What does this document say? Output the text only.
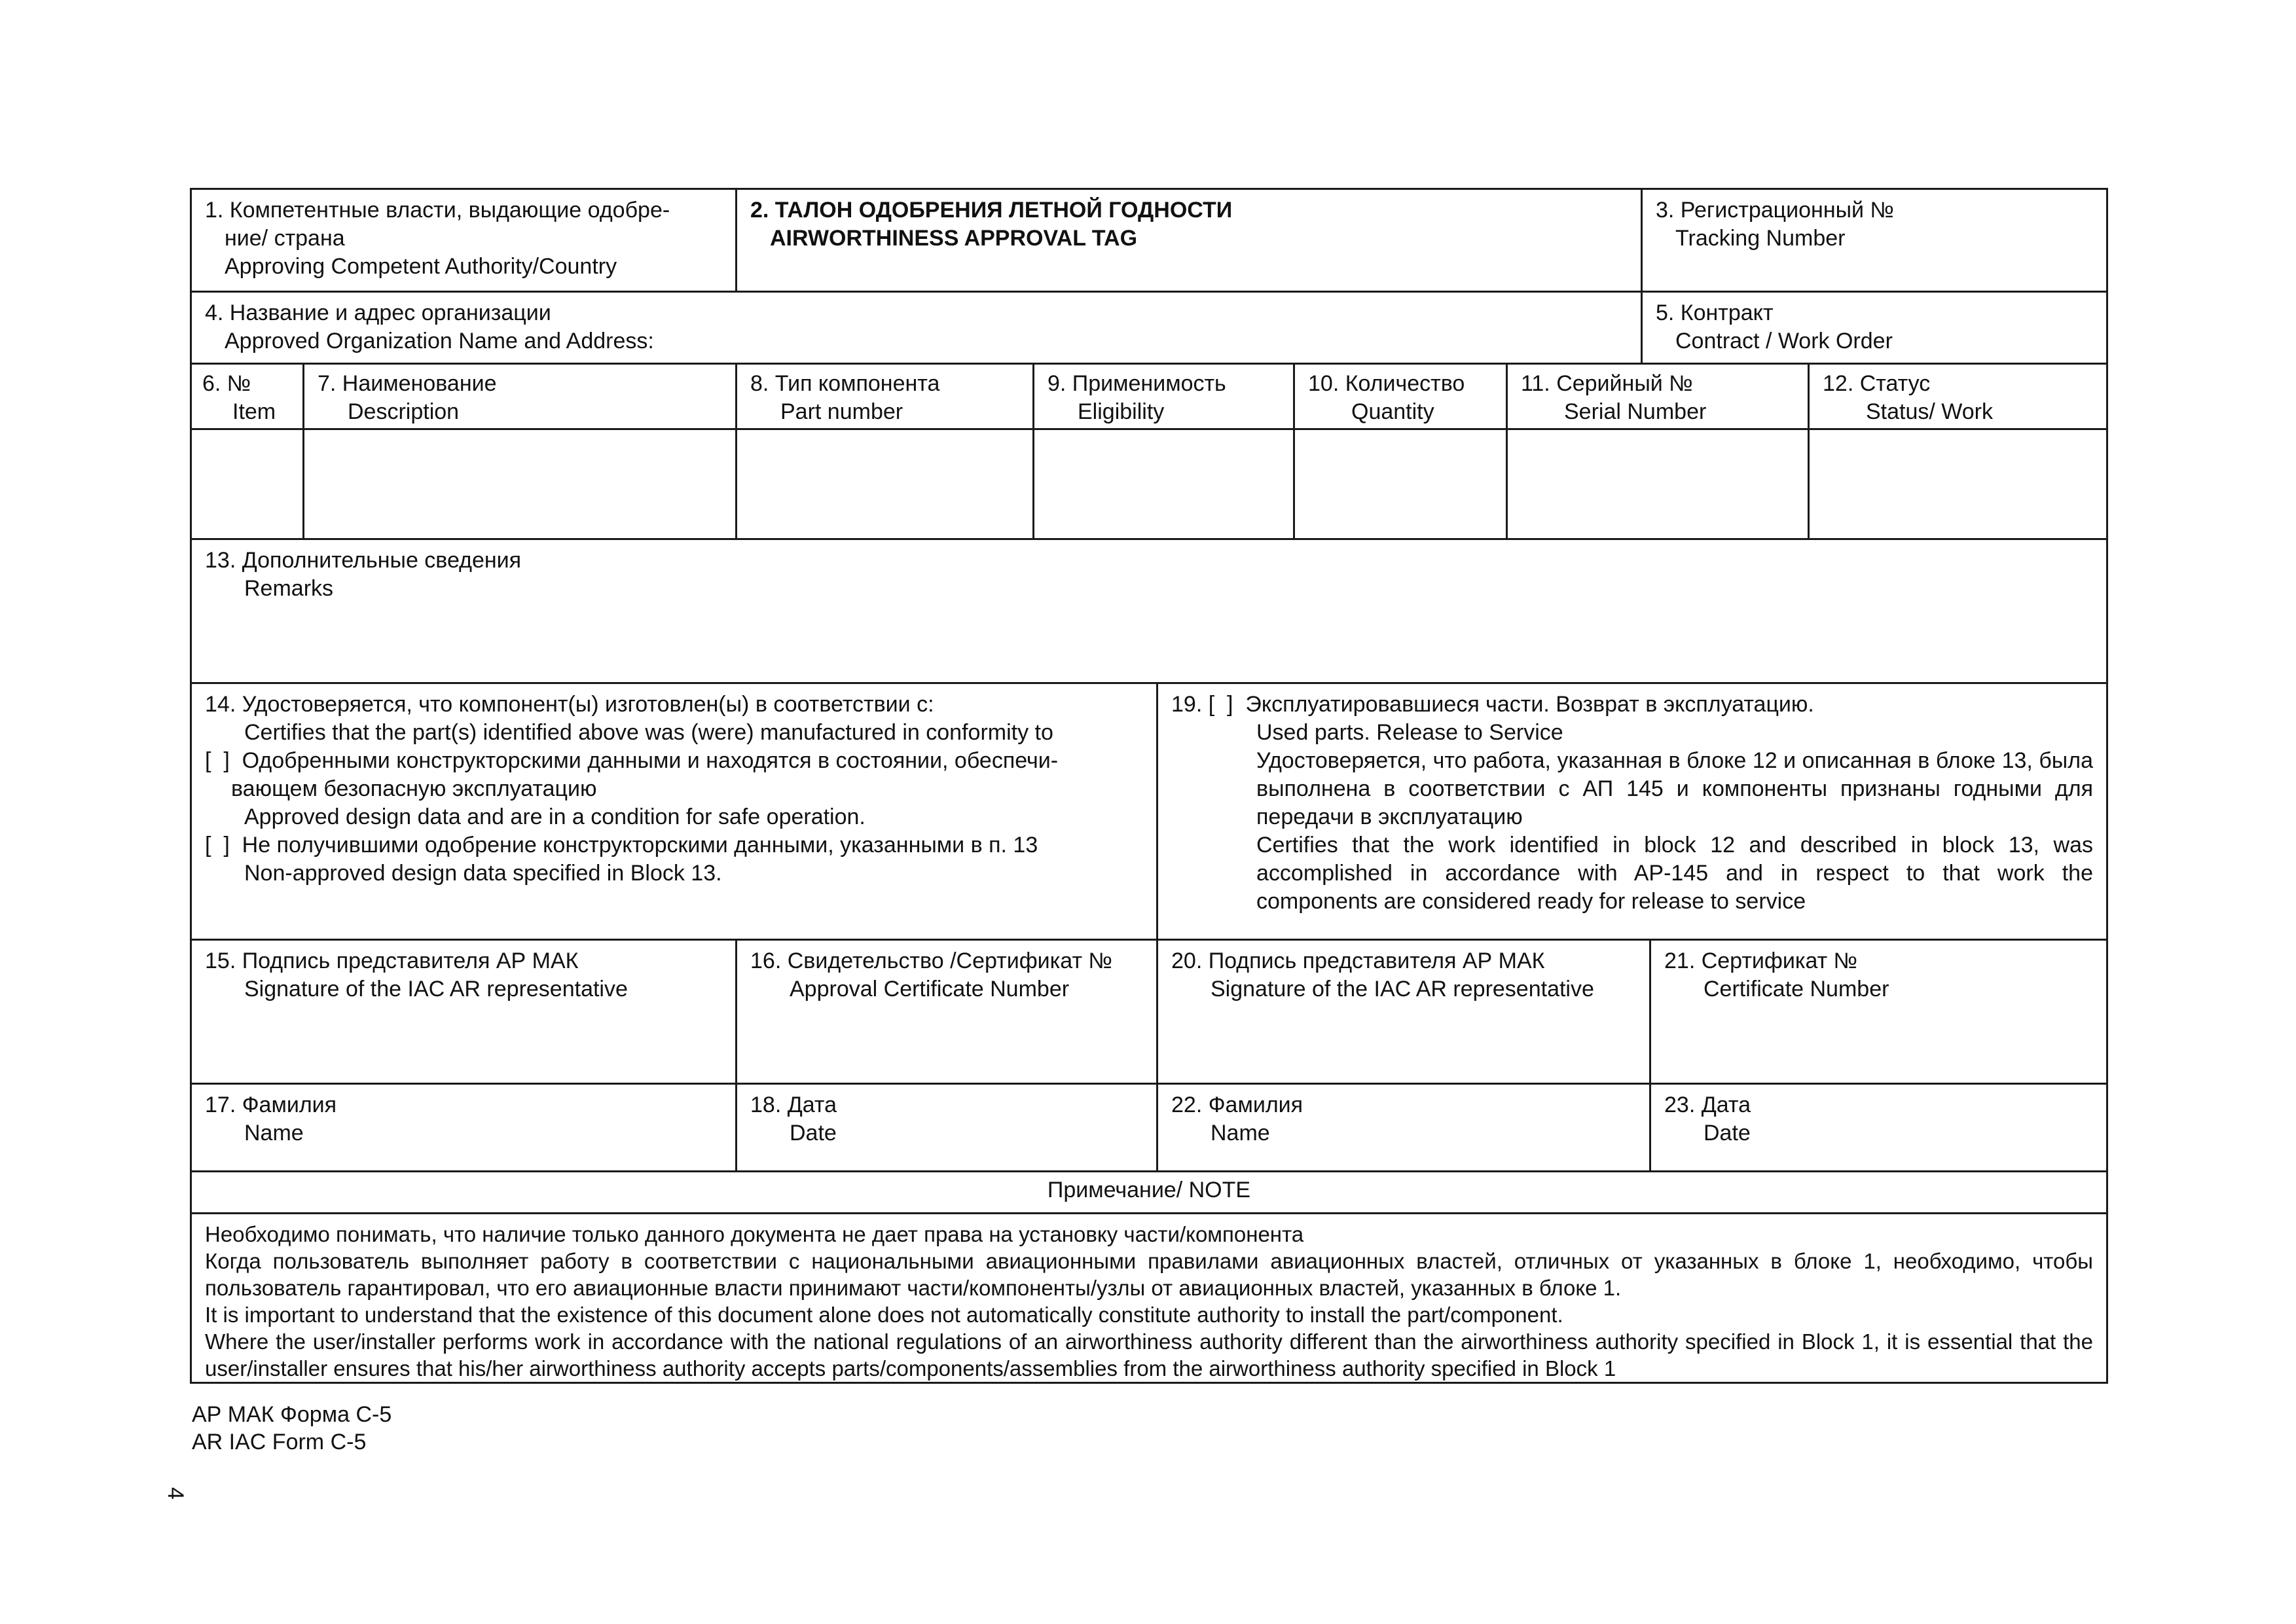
1. Компетентные власти, выдающие одобре-
ние/ страна
Approving Competent Authority/Country
2. ТАЛОН ОДОБРЕНИЯ ЛЕТНОЙ ГОДНОСТИ
AIRWORTHINESS APPROVAL TAG
3. Регистрационный №
Tracking Number
4. Название и адрес организации
Approved Organization Name and Address:
5. Контракт
Contract / Work Order
6. №
Item
7. Наименование
Description
8. Тип компонента
Part number
9. Применимость
Eligibility
10. Количество
Quantity
11. Серийный №
Serial Number
12. Статус
Status/ Work
13. Дополнительные сведения
Remarks
14. Удостоверяется, что компонент(ы) изготовлен(ы) в соответствии с:
Certifies that the part(s) identified above was (were) manufactured in conformity to
[  ]  Одобренными конструкторскими данными и находятся в состоянии, обеспечи-
вающем безопасную эксплуатацию
Approved design data and are in a condition for safe operation.
[  ]  Не получившими одобрение конструкторскими данными, указанными в п. 13
Non-approved design data specified in Block 13.
19. [  ]  Эксплуатировавшиеся части. Возврат в эксплуатацию.
Used parts. Release to Service
Удостоверяется, что работа, указанная в блоке 12 и описанная в блоке 13, была выполнена в соответствии с АП 145 и компоненты признаны годными для передачи в эксплуатацию
Certifies that the work identified in block 12 and described in block 13, was accomplished in accordance with AP-145 and in respect to that work the components are considered ready for release to service
15. Подпись представителя АР МАК
Signature of the IAC AR representative
16. Свидетельство /Сертификат №
Approval Certificate Number
20. Подпись представителя АР МАК
Signature of the IAC AR representative
21. Сертификат №
Certificate Number
17. Фамилия
Name
18. Дата
Date
22. Фамилия
Name
23. Дата
Date
Примечание/ NOTE
Необходимо понимать, что наличие только данного документа не дает права на установку части/компонента
Когда пользователь выполняет работу в соответствии с национальными авиационными правилами авиационных властей, отличных от указанных в блоке 1, необходимо, чтобы пользователь гарантировал, что его авиационные власти принимают части/компоненты/узлы от авиационных властей, указанных в блоке 1.
It is important to understand that the existence of this document alone does not automatically constitute authority to install the part/component.
Where the user/installer performs work in accordance with the national regulations of an airworthiness authority different than the airworthiness authority specified in Block 1, it is essential that the user/installer ensures that his/her airworthiness authority accepts parts/components/assemblies from the airworthiness authority specified in Block 1
АР МАК Форма С-5
AR IAC Form C-5
4
